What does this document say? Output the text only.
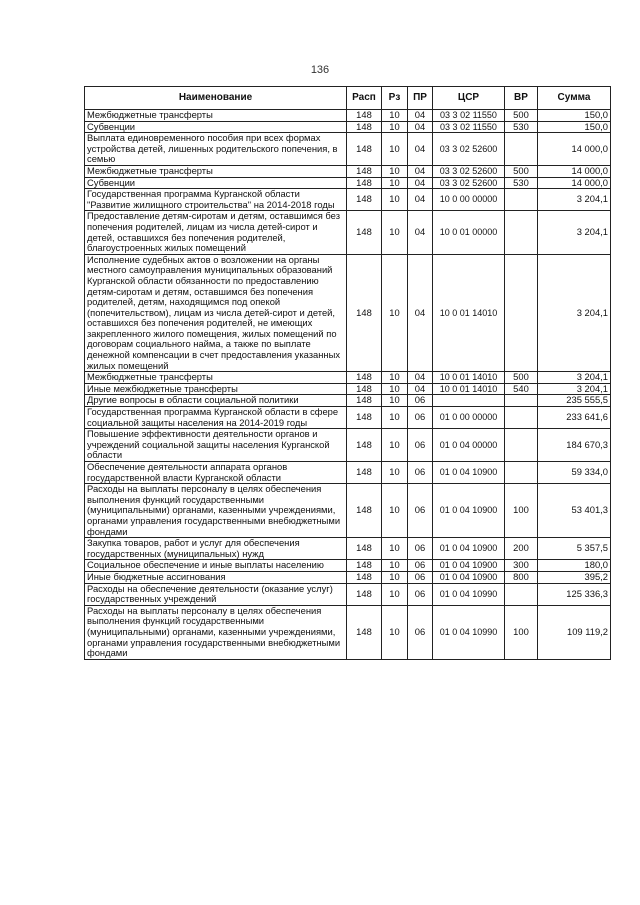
136
Наименование	Расп	Рз	ПР	ЦСР	ВР	Сумма
Межбюджетные трансферты	148	10	04	03 3 02 11550	500	150,0
Субвенции	148	10	04	03 3 02 11550	530	150,0
Выплата единовременного пособия при всех формах устройства детей, лишенных родительского попечения, в семью	148	10	04	03 3 02 52600		14 000,0
Межбюджетные трансферты	148	10	04	03 3 02 52600	500	14 000,0
Субвенции	148	10	04	03 3 02 52600	530	14 000,0
Государственная программа Курганской области "Развитие жилищного строительства" на 2014-2018 годы	148	10	04	10 0 00 00000		3 204,1
Предоставление детям-сиротам и детям, оставшимся без попечения родителей, лицам из числа детей-сирот и детей, оставшихся без попечения родителей, благоустроенных жилых помещений	148	10	04	10 0 01 00000		3 204,1
Исполнение судебных актов о возложении на органы местного самоуправления муниципальных образований Курганской области обязанности по предоставлению детям-сиротам и детям, оставшимся без попечения родителей, детям, находящимся под опекой (попечительством), лицам из числа детей-сирот и детей, оставшихся без попечения родителей, не имеющих закрепленного жилого помещения, жилых помещений по договорам социального найма, а также по выплате денежной компенсации в счет предоставления указанных жилых помещений	148	10	04	10 0 01 14010		3 204,1
Межбюджетные трансферты	148	10	04	10 0 01 14010	500	3 204,1
Иные межбюджетные трансферты	148	10	04	10 0 01 14010	540	3 204,1
Другие вопросы в области социальной политики	148	10	06			235 555,5
Государственная программа Курганской области в сфере социальной защиты населения на 2014-2019 годы	148	10	06	01 0 00 00000		233 641,6
Повышение эффективности деятельности органов и учреждений социальной защиты населения Курганской области	148	10	06	01 0 04 00000		184 670,3
Обеспечение деятельности аппарата органов государственной власти Курганской области	148	10	06	01 0 04 10900		59 334,0
Расходы на выплаты персоналу в целях обеспечения выполнения функций государственными (муниципальными) органами, казенными учреждениями, органами управления государственными внебюджетными фондами	148	10	06	01 0 04 10900	100	53 401,3
Закупка товаров, работ и услуг для обеспечения государственных (муниципальных) нужд	148	10	06	01 0 04 10900	200	5 357,5
Социальное обеспечение и иные выплаты населению	148	10	06	01 0 04 10900	300	180,0
Иные бюджетные ассигнования	148	10	06	01 0 04 10900	800	395,2
Расходы на обеспечение деятельности (оказание услуг) государственных учреждений	148	10	06	01 0 04 10990		125 336,3
Расходы на выплаты персоналу в целях обеспечения выполнения функций государственными (муниципальными) органами, казенными учреждениями, органами управления государственными внебюджетными фондами	148	10	06	01 0 04 10990	100	109 119,2
